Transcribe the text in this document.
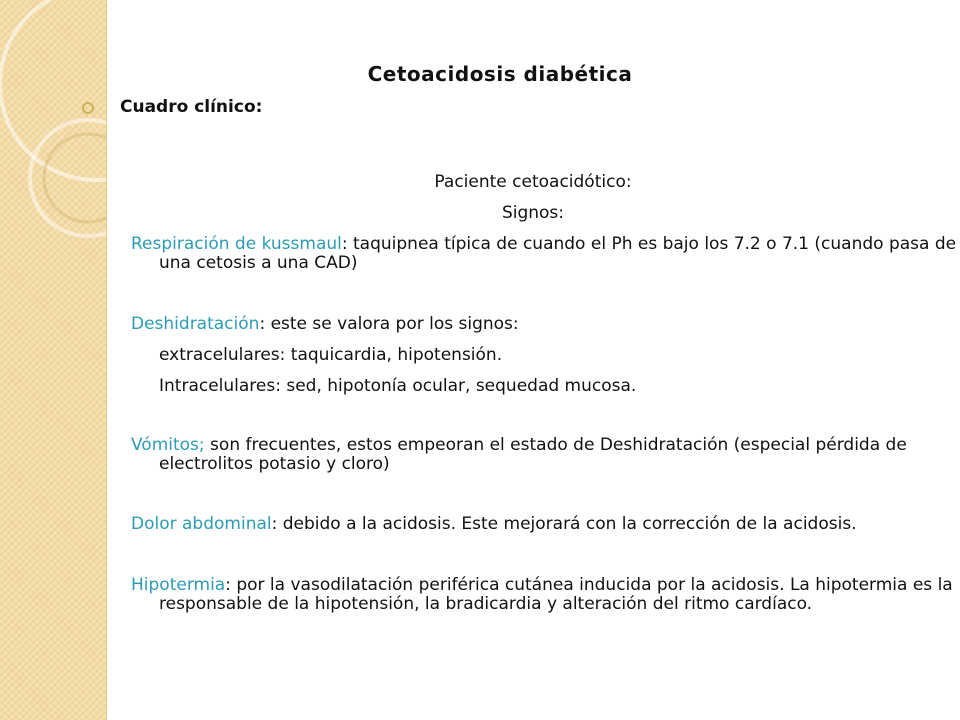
Cetoacidosis diabética
Cuadro clínico:
Paciente cetoacidótico:
Signos:
Respiración de kussmaul: taquipnea típica de cuando el Ph es bajo los 7.2 o 7.1 (cuando pasa de una cetosis a una CAD)
Deshidratación: este se valora por los signos:
extracelulares: taquicardia, hipotensión.
Intracelulares: sed, hipotonía ocular, sequedad mucosa.
Vómitos; son frecuentes, estos empeoran el estado de Deshidratación (especial pérdida de electrolitos potasio y cloro)
Dolor abdominal: debido a la acidosis. Este mejorará con la corrección de la acidosis.
Hipotermia: por la vasodilatación periférica cutánea inducida por la acidosis. La hipotermia es la responsable de la hipotensión, la bradicardia y alteración del ritmo cardíaco.
